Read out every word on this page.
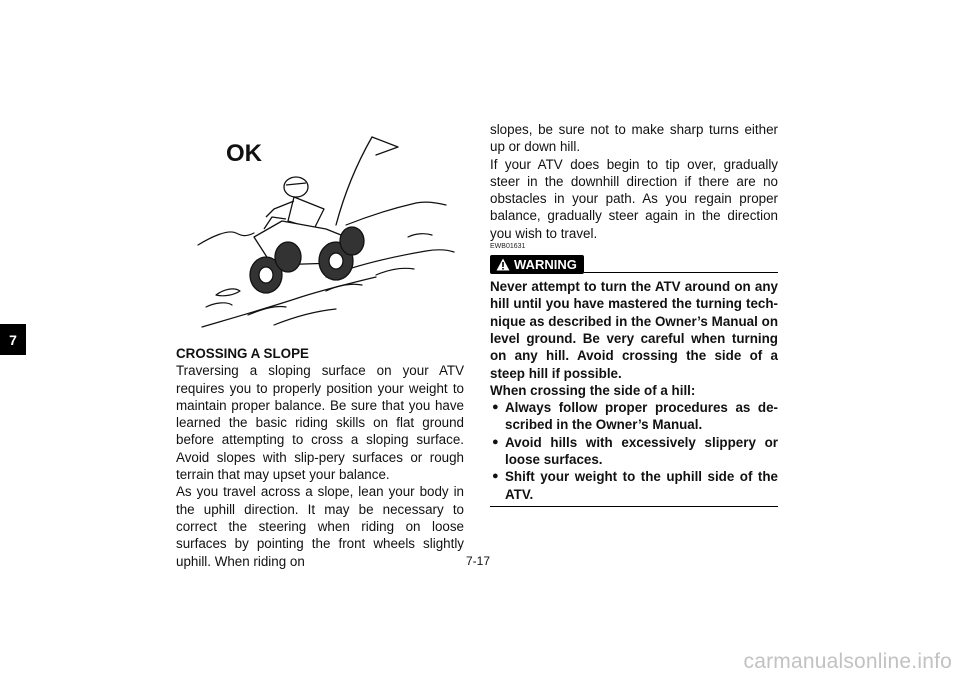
7
OK

CROSSING A SLOPE

Traversing a sloping surface on your ATV requires you to properly position your weight to maintain proper balance. Be sure that you have learned the basic riding skills on flat ground before attempting to cross a sloping surface. Avoid slopes with slip-pery surfaces or rough terrain that may upset your balance.

As you travel across a slope, lean your body in the uphill direction. It may be necessary to correct the steering when riding on loose surfaces by pointing the front wheels slightly uphill. When riding on

slopes, be sure not to make sharp turns either up or down hill.

If your ATV does begin to tip over, gradually steer in the downhill direction if there are no obstacles in your path. As you regain proper balance, gradually steer again in the direction you wish to travel.

EWB01631

WARNING

Never attempt to turn the ATV around on any hill until you have mastered the turning tech-nique as described in the Owner’s Manual on level ground. Be very careful when turning on any hill. Avoid crossing the side of a steep hill if possible.

When crossing the side of a hill:

● Always follow proper procedures as de-scribed in the Owner’s Manual.
● Avoid hills with excessively slippery or loose surfaces.
● Shift your weight to the uphill side of the ATV.
7-17
carmanualsonline.info
